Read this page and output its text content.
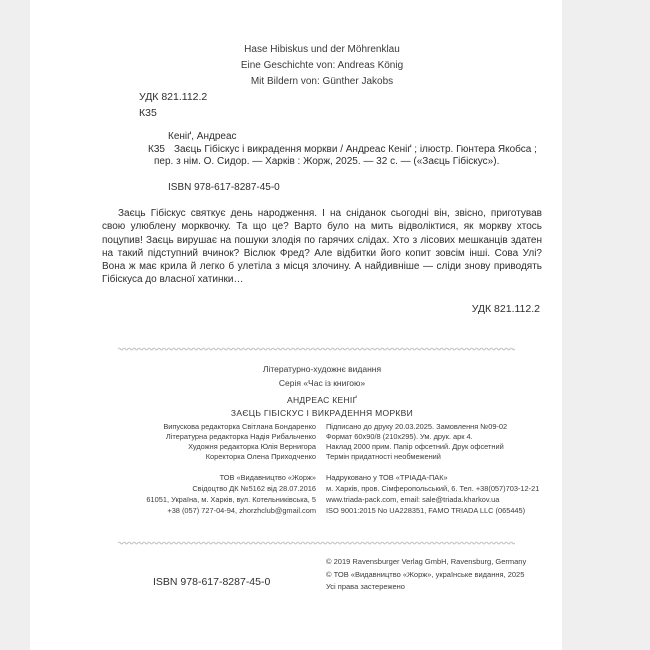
Hase Hibiskus und der Möhrenklau
Eine Geschichte von: Andreas König
Mit Bildern von: Günther Jakobs
УДК 821.112.2
К35
Кеніґ, Андреас
К35 Заєць Гібіскус і викрадення моркви / Андреас Кеніґ ; ілюстр. Гюнтера Якобса ;
пер. з нім. О. Сидор. — Харків : Жорж, 2025. — 32 с. — («Заєць Гібіскус»).
ISBN 978-617-8287-45-0

Заєць Гібіскус святкує день народження. І на сніданок сьогодні він, звісно, приготував свою улюблену морквочку. Та що це? Варто було на мить відволіктися, як моркву хтось поцупив! Заєць вирушає на пошуки злодія по гарячих слідах. Хто з лісових мешканців здатен на такий підступний вчинок? Віслюк Фред? Але відбитки його копит зовсім інші. Сова Улі? Вона ж має крила й легко б улетіла з місця злочину. А найдивніше — сліди знову приводять Гібіскуса до власної хатинки…

УДК 821.112.2
Літературно-художнє видання
Серія «Час із книгою»
АНДРЕАС КЕНІҐ
ЗАЄЦЬ ГІБІСКУС І ВИКРАДЕННЯ МОРКВИ
Випускова редакторка Світлана Бондаренко
Літературна редакторка Надія Рибальченко
Художня редакторка Юлія Вернигора
Коректорка Олена Приходченко
Підписано до друку 20.03.2025. Замовлення №09-02
Формат 60х90/8 (210х295). Ум. друк. арк 4.
Наклад 2000 прим. Папір офсетний. Друк офсетний
Термін придатності необмежений
ТОВ «Видавництво «Жорж»
Свідоцтво ДК №5162 від 28.07.2016
61051, Україна, м. Харків, вул. Котельниківська, 5
+38 (057) 727-04-94, zhorzhclub@gmail.com
Надруковано у ТОВ «ТРІАДА-ПАК»
м. Харків, пров. Сімферопольський, 6. Тел. +38(057)703-12-21
www.triada-pack.com, email: sale@triada.kharkov.ua
ISO 9001:2015 No UA228351, FAMO TRIADA LLC (065445)
ISBN 978-617-8287-45-0
© 2019 Ravensburger Verlag GmbH, Ravensburg, Germany
© ТОВ «Видавництво «Жорж», українське видання, 2025
Усі права застережено
